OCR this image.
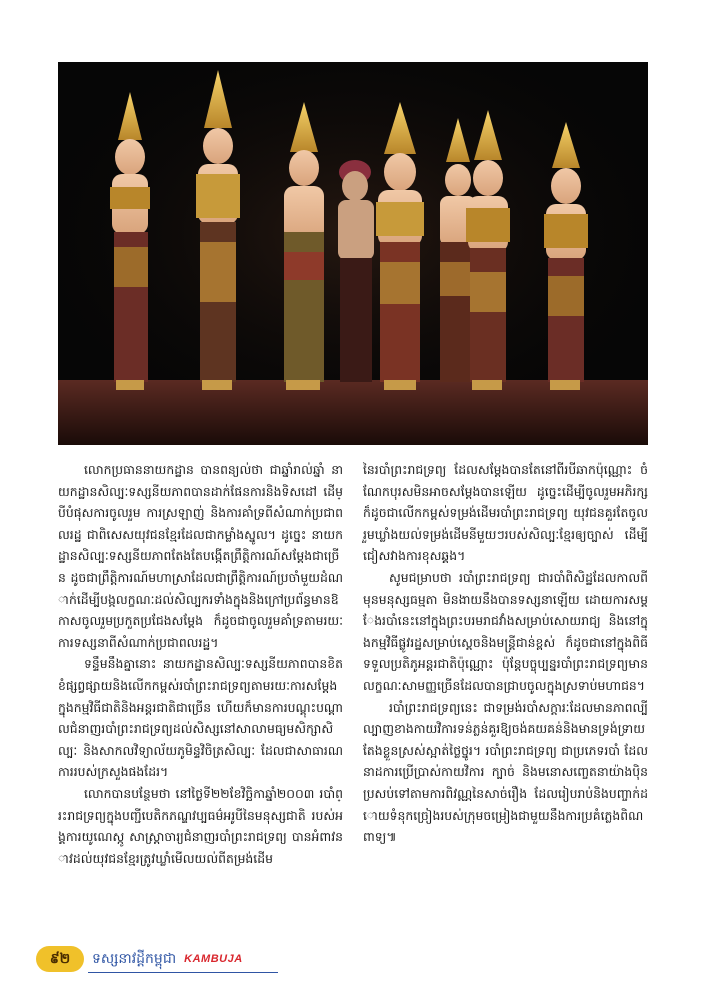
លោកប្រធាននាយកដ្ឋាន បានពន្យល់ថា ជាឆ្នាំរាល់ឆ្នាំ នាយកដ្ឋានសិល្បៈទស្សនីយភាពបានដាក់ផែនការនិងទិសដៅ ដើម្បីបំផុសការចូលរួម ការស្រឡាញ់ និងការគាំទ្រពីសំណាក់ប្រជាពលរដ្ឋ ជាពិសេសយុវជនខ្មែរដែលជាកម្លាំងស្នូល។ ដូច្នេះ នាយកដ្ឋានសិល្បៈទស្សនីយភាពតែងតែបង្កើតព្រឹត្តិការណ៍សម្តែងជាច្រើន ដូចជាព្រឹត្តិការណ៍មហាស្រាដែលជាព្រឹត្តិការណ៍ប្រចាំមួយដំណាក់ដើម្បីបង្កលក្ខណៈដល់សិល្បករទាំងក្នុងនិងក្រៅប្រព័ន្ធមានឱកាសចូលរួមប្រកួតប្រជែងសម្តែង ក៏ដូចជាចូលរួមគាំទ្រតាមរយៈការទស្សនាពីសំណាក់ប្រជាពលរដ្ឋ។

ទន្ទឹមនឹងគ្នានោះ នាយកដ្ឋានសិល្បៈទស្សនីយភាពបានខិតខំផ្សព្វផ្សាយនិងលើកកម្ពស់របាំព្រះរាជទ្រព្យតាមរយៈការសម្តែងក្នុងកម្មវិធីជាតិនិងអន្តរជាតិជាច្រើន ហើយក៏មានការបណ្តុះបណ្តាលជំនាញរបាំព្រះរាជទ្រព្យដល់សិស្សនៅសាលាមធ្យមសិក្សាសិល្បៈ និងសាកលវិទ្យាល័យភូមិន្ទវិចិត្រសិល្បៈ ដែលជាសាធារណការរបស់ក្រសួងផងដែរ។

លោកបានបន្ថែមថា នៅថ្ងៃទី២២ខែវិច្ឆិកាឆ្នាំ២០០៣ របាំព្រះរាជទ្រព្យក្នុងបញ្ជីបេតិកភណ្ឌវប្បធម៌អរូបីនៃមនុស្សជាតិ របស់អង្គការយូណេស្កូ សាស្ត្រាចារ្យជំនាញរបាំព្រះរាជទ្រព្យ បានអំពាវនាវដល់យុវជនខ្មែរត្រូវឃ្លាំមើលយល់ពីតម្រង់ដើម

នៃរបាំព្រះរាជទ្រព្យ ដែលសម្តែងបានតែនៅពីរបីឆាកប៉ុណ្ណោះ ចំណែកបុរសមិនអាចសម្តែងបានឡើយ ដូច្នេះដើម្បីចូលរួមអភិរក្ស ក៏ដូចជាលើកកម្ពស់ទម្រង់ដើមរបាំព្រះរាជទ្រព្យ យុវជនគួរតែចូលរួមឃ្លាំងយល់ទម្រង់ដើមនីមួយៗរបស់សិល្បៈខ្មែរឲ្យច្បាស់ ដើម្បីជៀសវាងការខុសឆ្គង។

សូមជម្រាបថា របាំព្រះរាជទ្រព្យ ជារបាំពិសិដ្ឋដែលកាលពីមុនមនុស្សធម្មតា មិនងាយនឹងបានទស្សនាឡើយ ដោយការសម្តែងរបាំនេះនៅក្នុងព្រះបរមរាជវាំងសម្រាប់សោយរាជ្យ និងនៅក្នុងកម្មវិធីផ្លូវរដ្ឋសម្រាប់ស្តេចនិងមន្ត្រីជាន់ខ្ពស់ ក៏ដូចជានៅក្នុងពិធីទទួលប្រតិភូអន្តរជាតិប៉ុណ្ណោះ ប៉ុន្តែបច្ចុប្បន្នរបាំព្រះរាជទ្រព្យមានលក្ខណៈសាមញ្ញច្រើនដែលបានជ្រាបចូលក្នុងស្រទាប់មហាជន។

របាំព្រះរាជទ្រព្យនេះ ជាទម្រង់របាំសក្តារៈដែលមានភាពល្បីល្បាញខាងកាយវិការទន់ភ្លន់គួរឱ្យចង់គយគន់និងមានទ្រង់ទ្រាយតែងខ្លួនស្រស់ស្អាត់ថ្លៃថ្នូរ។ របាំព្រះរាជទ្រព្យ ជាប្រភេទរបាំ ដែលនាដការប្រើប្រាស់កាយវិការ ក្បាច់ និងមនោសញ្ចេតនាយ៉ាងប៉ិនប្រសប់ទៅតាមការពិវណ្ណនៃសាច់រឿង ដែលរៀបរាប់និងបញ្ចាក់ដោយទំនុកច្រៀងរបស់ក្រុមចម្រៀងជាមួយនឹងការប្រគំភ្លេងពិណពាទ្យ៕

៩២ ទស្សនាវដ្តីកម្ពុជា KAMBUJA
